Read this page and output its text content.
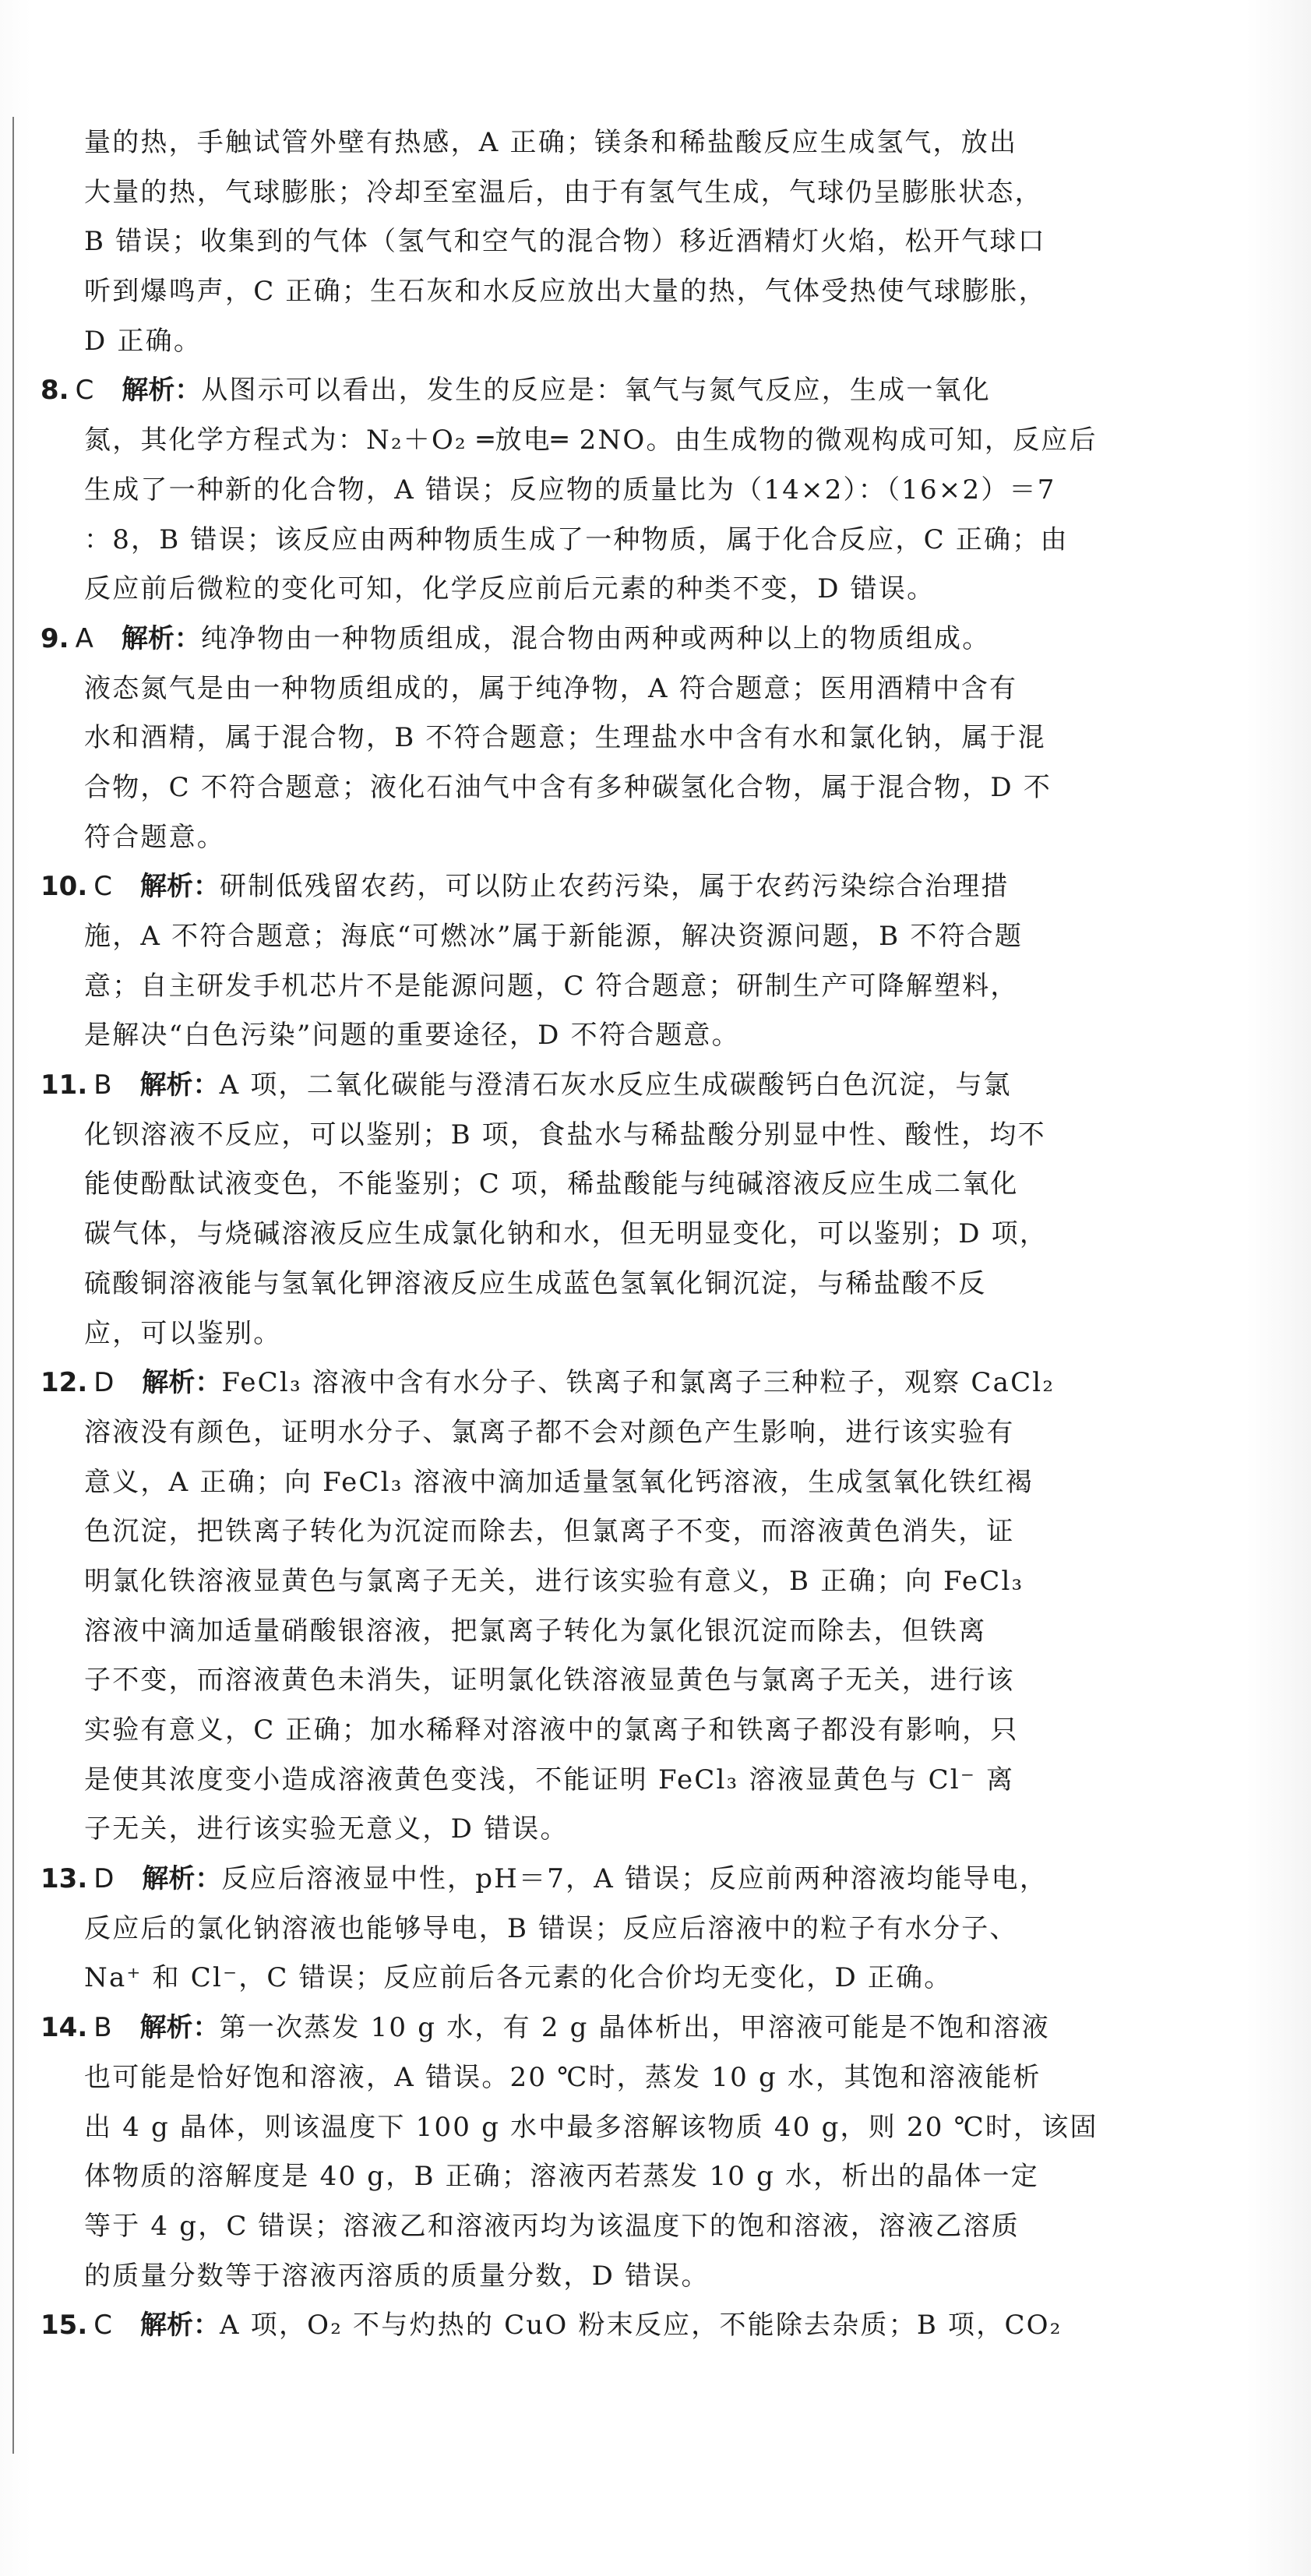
量的热，手触试管外壁有热感，A 正确；镁条和稀盐酸反应生成氢气，放出
大量的热，气球膨胀；冷却至室温后，由于有氢气生成，气球仍呈膨胀状态，
B 错误；收集到的气体（氢气和空气的混合物）移近酒精灯火焰，松开气球口
听到爆鸣声，C 正确；生石灰和水反应放出大量的热，气体受热使气球膨胀，
D 正确。
8. C 解析：从图示可以看出，发生的反应是：氧气与氮气反应，生成一氧化
氮，其化学方程式为：N₂＋O₂ ═放电═ 2NO。由生成物的微观构成可知，反应后
生成了一种新的化合物，A 错误；反应物的质量比为（14×2）：（16×2）＝7
：8，B 错误；该反应由两种物质生成了一种物质，属于化合反应，C 正确；由
反应前后微粒的变化可知，化学反应前后元素的种类不变，D 错误。
9. A 解析：纯净物由一种物质组成，混合物由两种或两种以上的物质组成。
液态氮气是由一种物质组成的，属于纯净物，A 符合题意；医用酒精中含有
水和酒精，属于混合物，B 不符合题意；生理盐水中含有水和氯化钠，属于混
合物，C 不符合题意；液化石油气中含有多种碳氢化合物，属于混合物，D 不
符合题意。
10. C 解析：研制低残留农药，可以防止农药污染，属于农药污染综合治理措
施，A 不符合题意；海底“可燃冰”属于新能源，解决资源问题，B 不符合题
意；自主研发手机芯片不是能源问题，C 符合题意；研制生产可降解塑料，
是解决“白色污染”问题的重要途径，D 不符合题意。
11. B 解析：A 项，二氧化碳能与澄清石灰水反应生成碳酸钙白色沉淀，与氯
化钡溶液不反应，可以鉴别；B 项，食盐水与稀盐酸分别显中性、酸性，均不
能使酚酞试液变色，不能鉴别；C 项，稀盐酸能与纯碱溶液反应生成二氧化
碳气体，与烧碱溶液反应生成氯化钠和水，但无明显变化，可以鉴别；D 项，
硫酸铜溶液能与氢氧化钾溶液反应生成蓝色氢氧化铜沉淀，与稀盐酸不反
应，可以鉴别。
12. D 解析：FeCl₃ 溶液中含有水分子、铁离子和氯离子三种粒子，观察 CaCl₂
溶液没有颜色，证明水分子、氯离子都不会对颜色产生影响，进行该实验有
意义，A 正确；向 FeCl₃ 溶液中滴加适量氢氧化钙溶液，生成氢氧化铁红褐
色沉淀，把铁离子转化为沉淀而除去，但氯离子不变，而溶液黄色消失，证
明氯化铁溶液显黄色与氯离子无关，进行该实验有意义，B 正确；向 FeCl₃
溶液中滴加适量硝酸银溶液，把氯离子转化为氯化银沉淀而除去，但铁离
子不变，而溶液黄色未消失，证明氯化铁溶液显黄色与氯离子无关，进行该
实验有意义，C 正确；加水稀释对溶液中的氯离子和铁离子都没有影响，只
是使其浓度变小造成溶液黄色变浅，不能证明 FeCl₃ 溶液显黄色与 Cl⁻ 离
子无关，进行该实验无意义，D 错误。
13. D 解析：反应后溶液显中性，pH＝7，A 错误；反应前两种溶液均能导电，
反应后的氯化钠溶液也能够导电，B 错误；反应后溶液中的粒子有水分子、
Na⁺ 和 Cl⁻，C 错误；反应前后各元素的化合价均无变化，D 正确。
14. B 解析：第一次蒸发 10 g 水，有 2 g 晶体析出，甲溶液可能是不饱和溶液
也可能是恰好饱和溶液，A 错误。20 ℃时，蒸发 10 g 水，其饱和溶液能析
出 4 g 晶体，则该温度下 100 g 水中最多溶解该物质 40 g，则 20 ℃时，该固
体物质的溶解度是 40 g，B 正确；溶液丙若蒸发 10 g 水，析出的晶体一定
等于 4 g，C 错误；溶液乙和溶液丙均为该温度下的饱和溶液，溶液乙溶质
的质量分数等于溶液丙溶质的质量分数，D 错误。
15. C 解析：A 项，O₂ 不与灼热的 CuO 粉末反应，不能除去杂质；B 项，CO₂
